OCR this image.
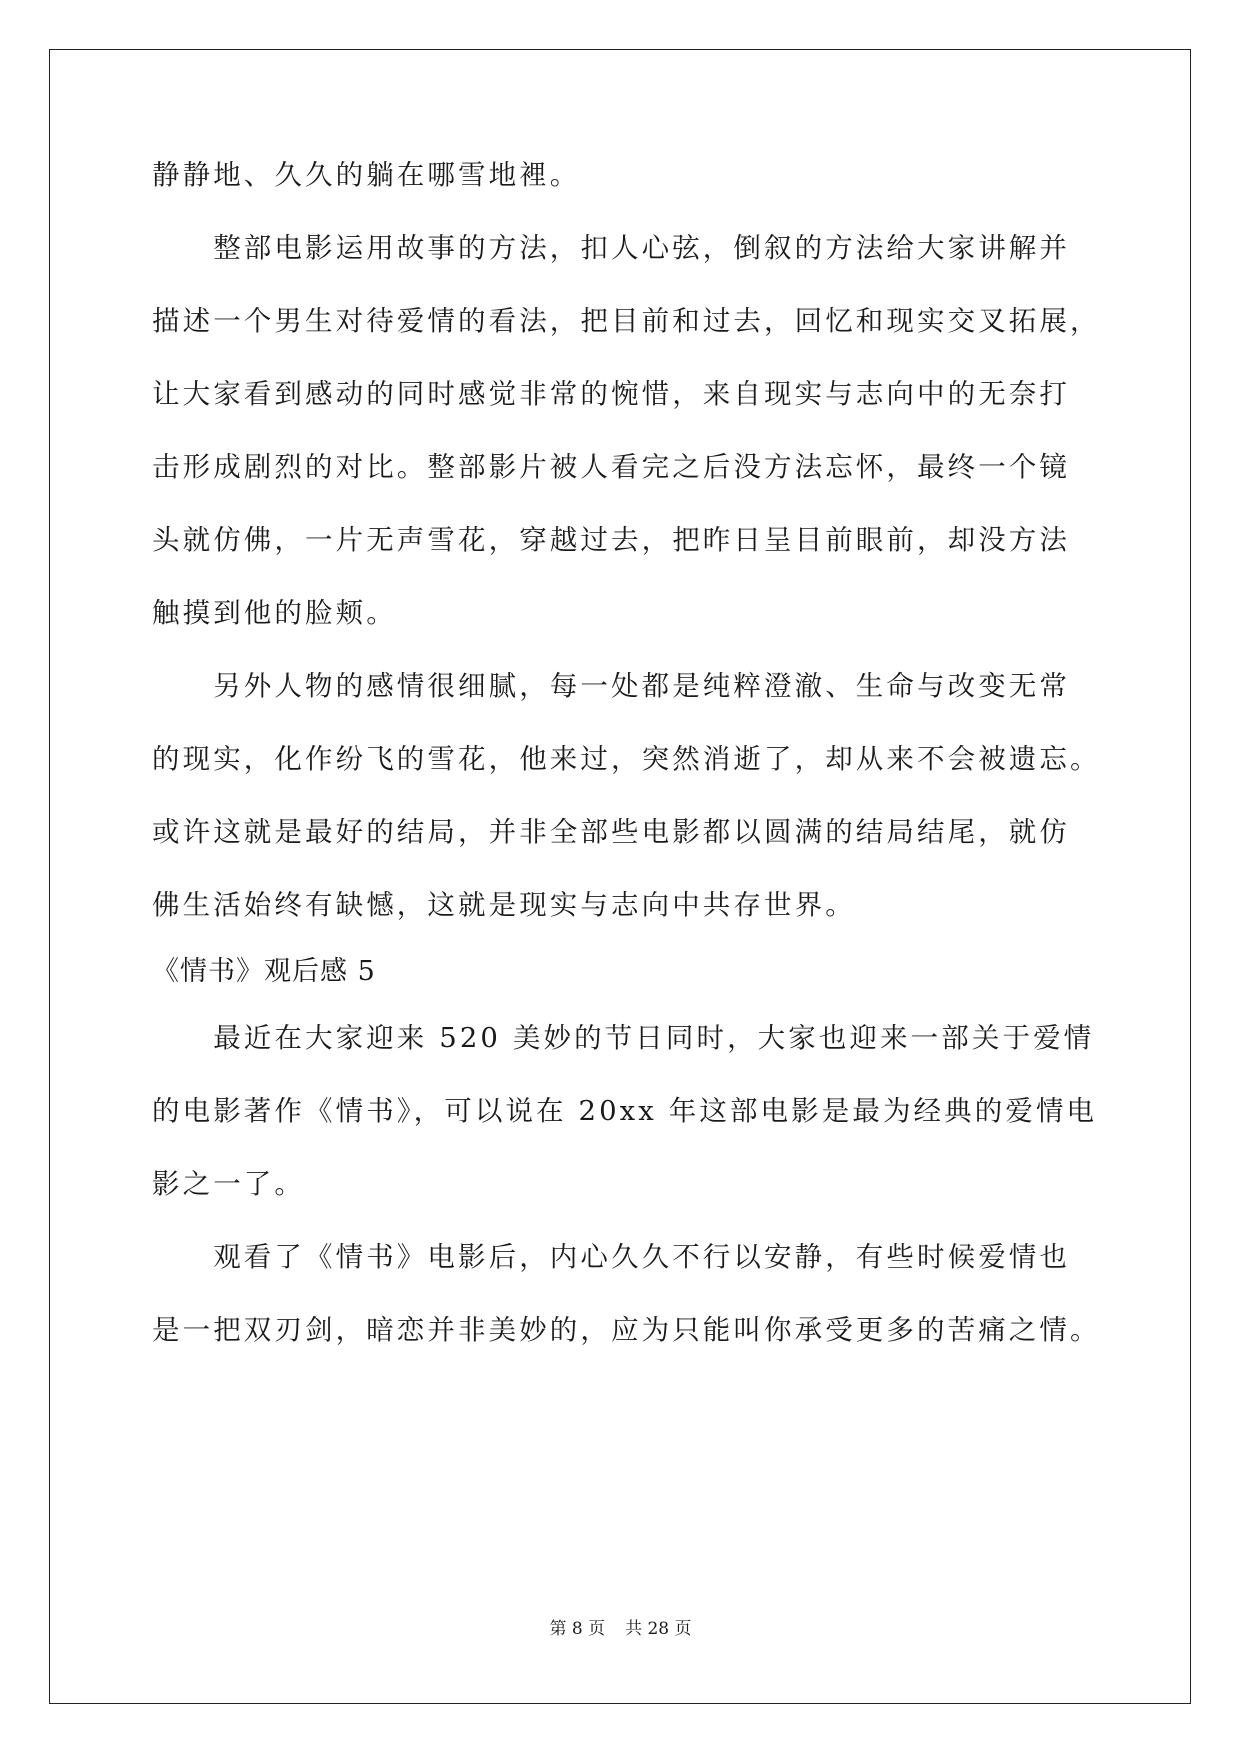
静静地、久久的躺在哪雪地裡。
　　整部电影运用故事的方法，扣人心弦，倒叙的方法给大家讲解并
描述一个男生对待爱情的看法，把目前和过去，回忆和现实交叉拓展，
让大家看到感动的同时感觉非常的惋惜，来自现实与志向中的无奈打
击形成剧烈的对比。整部影片被人看完之后没方法忘怀，最终一个镜
头就仿佛，一片无声雪花，穿越过去，把昨日呈目前眼前，却没方法
触摸到他的脸颊。
　　另外人物的感情很细腻，每一处都是纯粹澄澈、生命与改变无常
的现实，化作纷飞的雪花，他来过，突然消逝了，却从来不会被遗忘。
或许这就是最好的结局，并非全部些电影都以圆满的结局结尾，就仿
佛生活始终有缺憾，这就是现实与志向中共存世界。
《情书》观后感 5
　　最近在大家迎来 520 美妙的节日同时，大家也迎来一部关于爱情
的电影著作《情书》，可以说在 20xx 年这部电影是最为经典的爱情电
影之一了。
　　观看了《情书》电影后，内心久久不行以安静，有些时候爱情也
是一把双刃剑，暗恋并非美妙的，应为只能叫你承受更多的苦痛之情。
第 8 页 共 28 页
